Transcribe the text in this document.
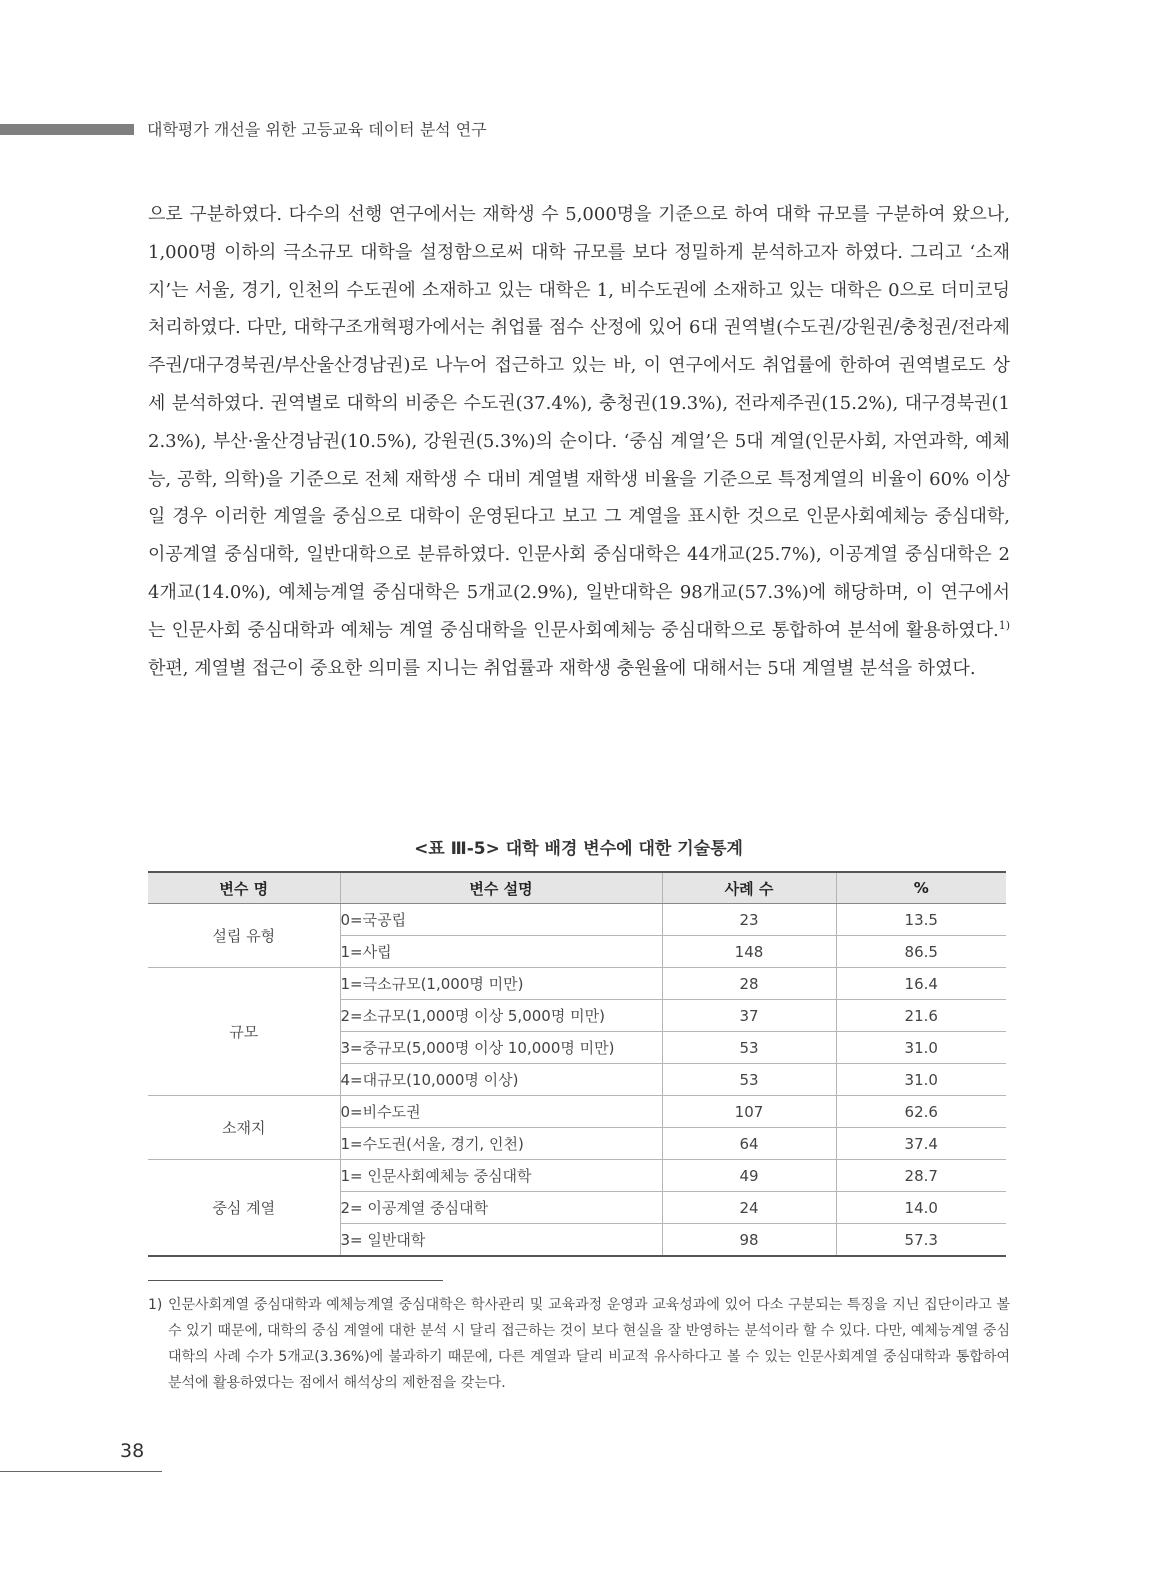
대학평가 개선을 위한 고등교육 데이터 분석 연구

으로 구분하였다. 다수의 선행 연구에서는 재학생 수 5,000명을 기준으로 하여 대학 규모를 구분하여 왔으나, 1,000명 이하의 극소규모 대학을 설정함으로써 대학 규모를 보다 정밀하게 분석하고자 하였다. 그리고 ‘소재지’는 서울, 경기, 인천의 수도권에 소재하고 있는 대학은 1, 비수도권에 소재하고 있는 대학은 0으로 더미코딩 처리하였다. 다만, 대학구조개혁평가에서는 취업률 점수 산정에 있어 6대 권역별(수도권/강원권/충청권/전라제주권/대구경북권/부산울산경남권)로 나누어 접근하고 있는 바, 이 연구에서도 취업률에 한하여 권역별로도 상세 분석하였다. 권역별로 대학의 비중은 수도권(37.4%), 충청권(19.3%), 전라제주권(15.2%), 대구경북권(12.3%), 부산·울산경남권(10.5%), 강원권(5.3%)의 순이다. ‘중심 계열’은 5대 계열(인문사회, 자연과학, 예체능, 공학, 의학)을 기준으로 전체 재학생 수 대비 계열별 재학생 비율을 기준으로 특정계열의 비율이 60% 이상일 경우 이러한 계열을 중심으로 대학이 운영된다고 보고 그 계열을 표시한 것으로 인문사회예체능 중심대학, 이공계열 중심대학, 일반대학으로 분류하였다. 인문사회 중심대학은 44개교(25.7%), 이공계열 중심대학은 24개교(14.0%), 예체능계열 중심대학은 5개교(2.9%), 일반대학은 98개교(57.3%)에 해당하며, 이 연구에서는 인문사회 중심대학과 예체능 계열 중심대학을 인문사회예체능 중심대학으로 통합하여 분석에 활용하였다.$^{1)}$ 한편, 계열별 접근이 중요한 의미를 지니는 취업률과 재학생 충원율에 대해서는 5대 계열별 분석을 하였다.

<표 Ⅲ-5> 대학 배경 변수에 대한 기술통계
변수 명	변수 설명	사례 수	%
설립 유형	0=국공립	23	13.5
	1=사립	148	86.5
규모	1=극소규모(1,000명 미만)	28	16.4
	2=소규모(1,000명 이상 5,000명 미만)	37	21.6
	3=중규모(5,000명 이상 10,000명 미만)	53	31.0
	4=대규모(10,000명 이상)	53	31.0
소재지	0=비수도권	107	62.6
	1=수도권(서울, 경기, 인천)	64	37.4
중심 계열	1= 인문사회예체능 중심대학	49	28.7
	2= 이공계열 중심대학	24	14.0
	3= 일반대학	98	57.3
1) 인문사회계열 중심대학과 예체능계열 중심대학은 학사관리 및 교육과정 운영과 교육성과에 있어 다소 구분되는 특징을 지닌 집단이라고 볼 수 있기 때문에, 대학의 중심 계열에 대한 분석 시 달리 접근하는 것이 보다 현실을 잘 반영하는 분석이라 할 수 있다. 다만, 예체능계열 중심대학의 사례 수가 5개교(3.36%)에 불과하기 때문에, 다른 계열과 달리 비교적 유사하다고 볼 수 있는 인문사회계열 중심대학과 통합하여 분석에 활용하였다는 점에서 해석상의 제한점을 갖는다.
38
